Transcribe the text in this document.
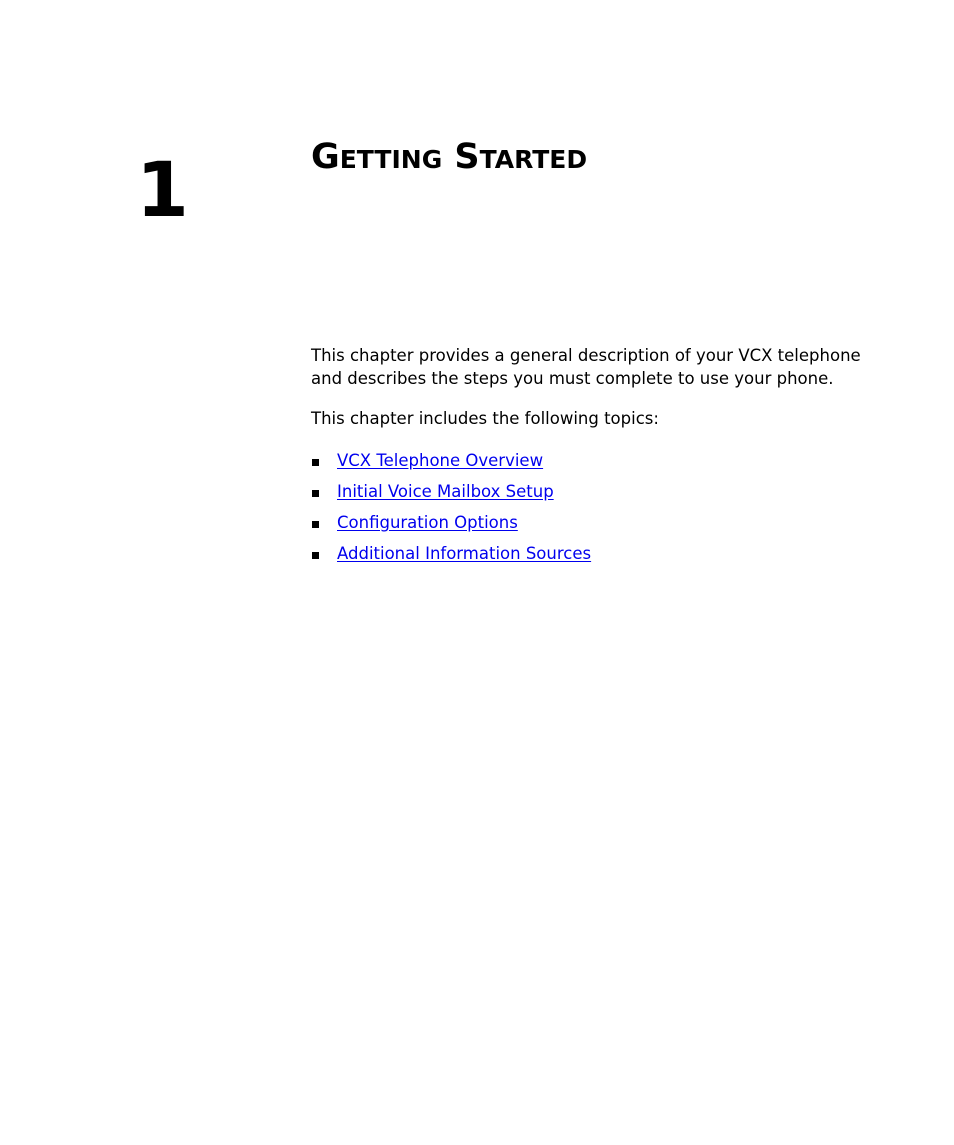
1	Getting Started

This chapter provides a general description of your VCX telephone and describes the steps you must complete to use your phone.

This chapter includes the following topics:

VCX Telephone Overview
Initial Voice Mailbox Setup
Configuration Options
Additional Information Sources
